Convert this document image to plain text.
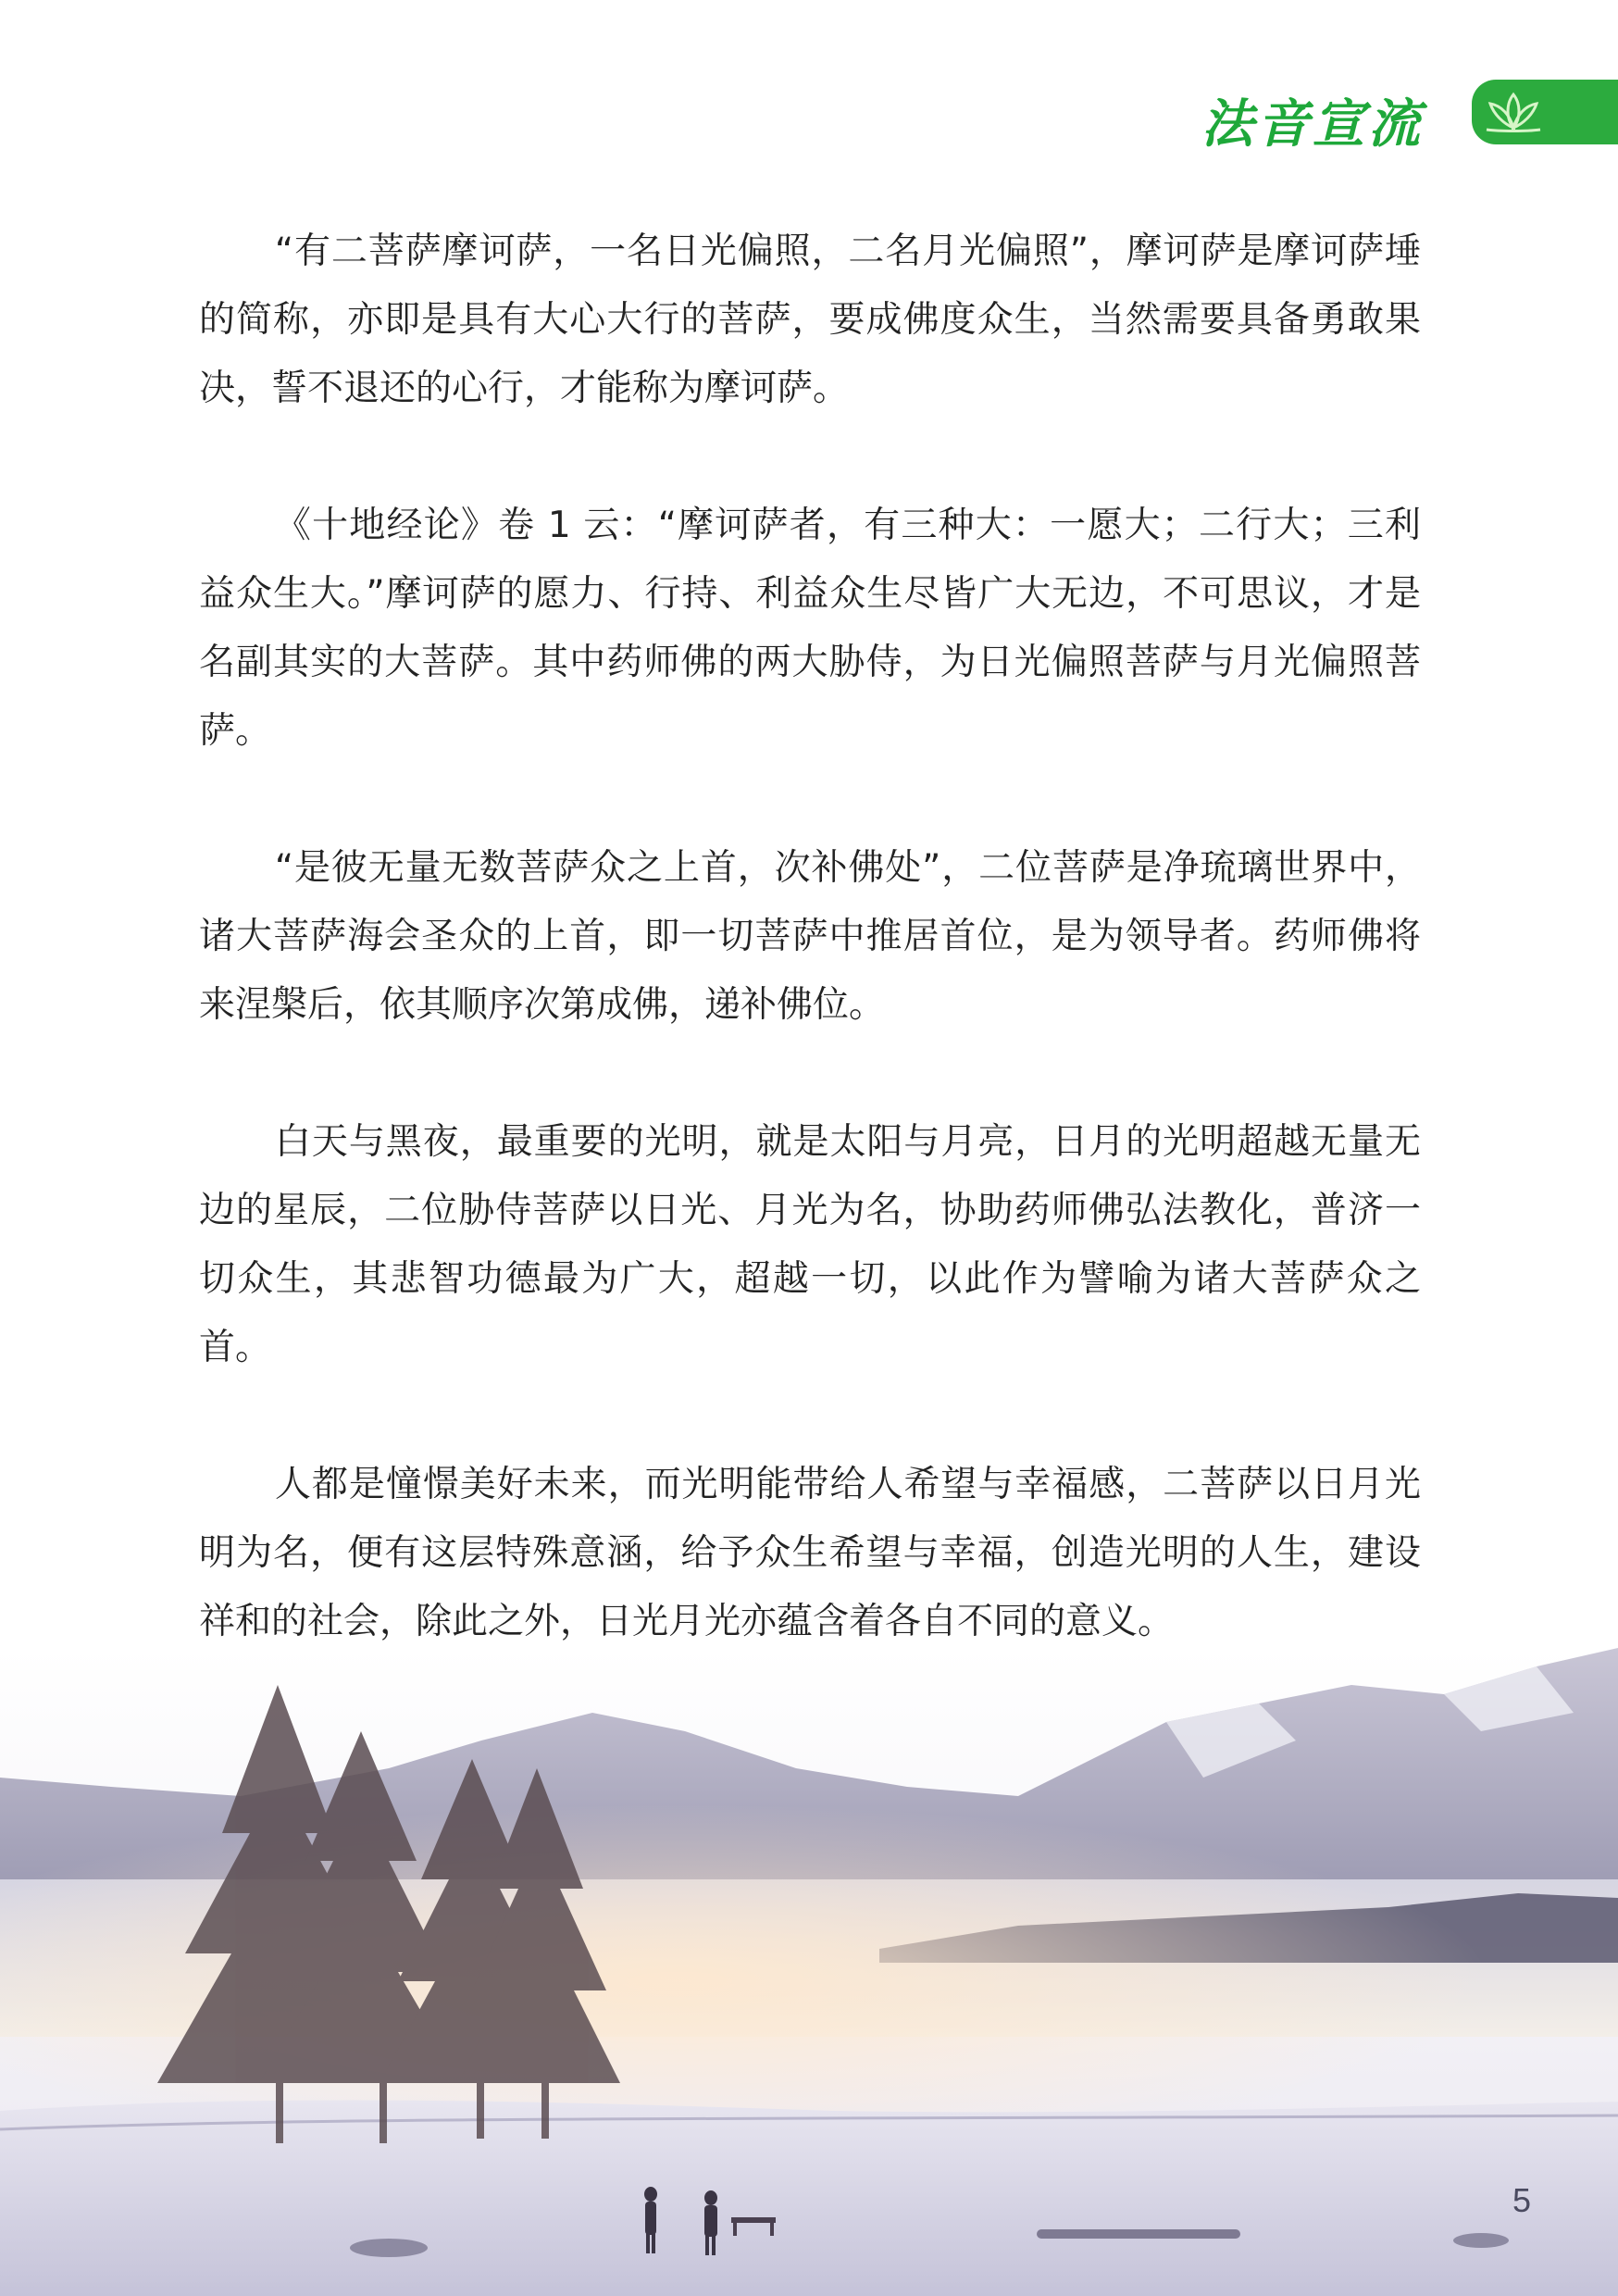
法音宣流

“有二菩萨摩诃萨，一名日光偏照，二名月光偏照”，摩诃萨是摩诃萨埵的简称，亦即是具有大心大行的菩萨，要成佛度众生，当然需要具备勇敢果决，誓不退还的心行，才能称为摩诃萨。

《十地经论》卷 1 云：“摩诃萨者，有三种大：一愿大；二行大；三利益众生大。”摩诃萨的愿力、行持、利益众生尽皆广大无边，不可思议，才是名副其实的大菩萨。其中药师佛的两大胁侍，为日光偏照菩萨与月光偏照菩萨。

“是彼无量无数菩萨众之上首，次补佛处”，二位菩萨是净琉璃世界中，诸大菩萨海会圣众的上首，即一切菩萨中推居首位，是为领导者。药师佛将来涅槃后，依其顺序次第成佛，递补佛位。

白天与黑夜，最重要的光明，就是太阳与月亮，日月的光明超越无量无边的星辰，二位胁侍菩萨以日光、月光为名，协助药师佛弘法教化，普济一切众生，其悲智功德最为广大，超越一切，以此作为譬喻为诸大菩萨众之首。

人都是憧憬美好未来，而光明能带给人希望与幸福感，二菩萨以日月光明为名，便有这层特殊意涵，给予众生希望与幸福，创造光明的人生，建设祥和的社会，除此之外，日光月光亦蕴含着各自不同的意义。

5
